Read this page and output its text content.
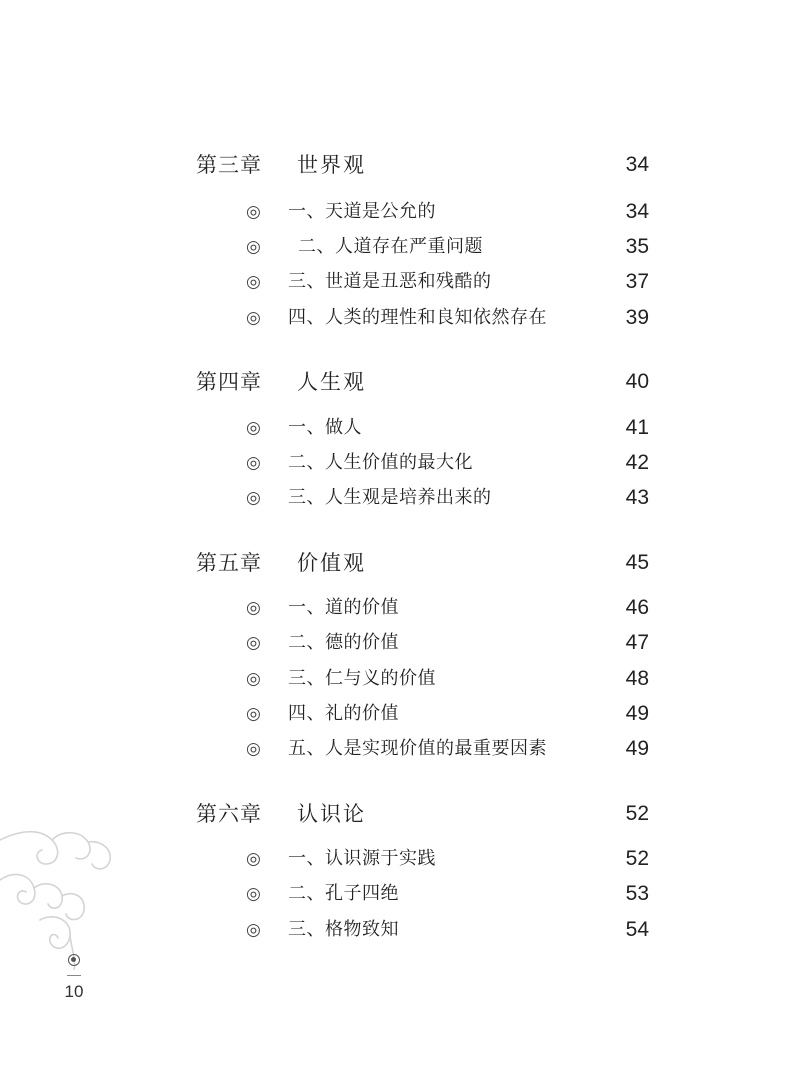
第三章 世界观	34
◎ 一、天道是公允的	34
◎ 二、人道存在严重问题	35
◎ 三、世道是丑恶和残酷的	37
◎ 四、人类的理性和良知依然存在	39
第四章 人生观	40
◎ 一、做人	41
◎ 二、人生价值的最大化	42
◎ 三、人生观是培养出来的	43
第五章 价值观	45
◎ 一、道的价值	46
◎ 二、德的价值	47
◎ 三、仁与义的价值	48
◎ 四、礼的价值	49
◎ 五、人是实现价值的最重要因素	49
第六章 认识论	52
◎ 一、认识源于实践	52
◎ 二、孔子四绝	53
◎ 三、格物致知	54
10
